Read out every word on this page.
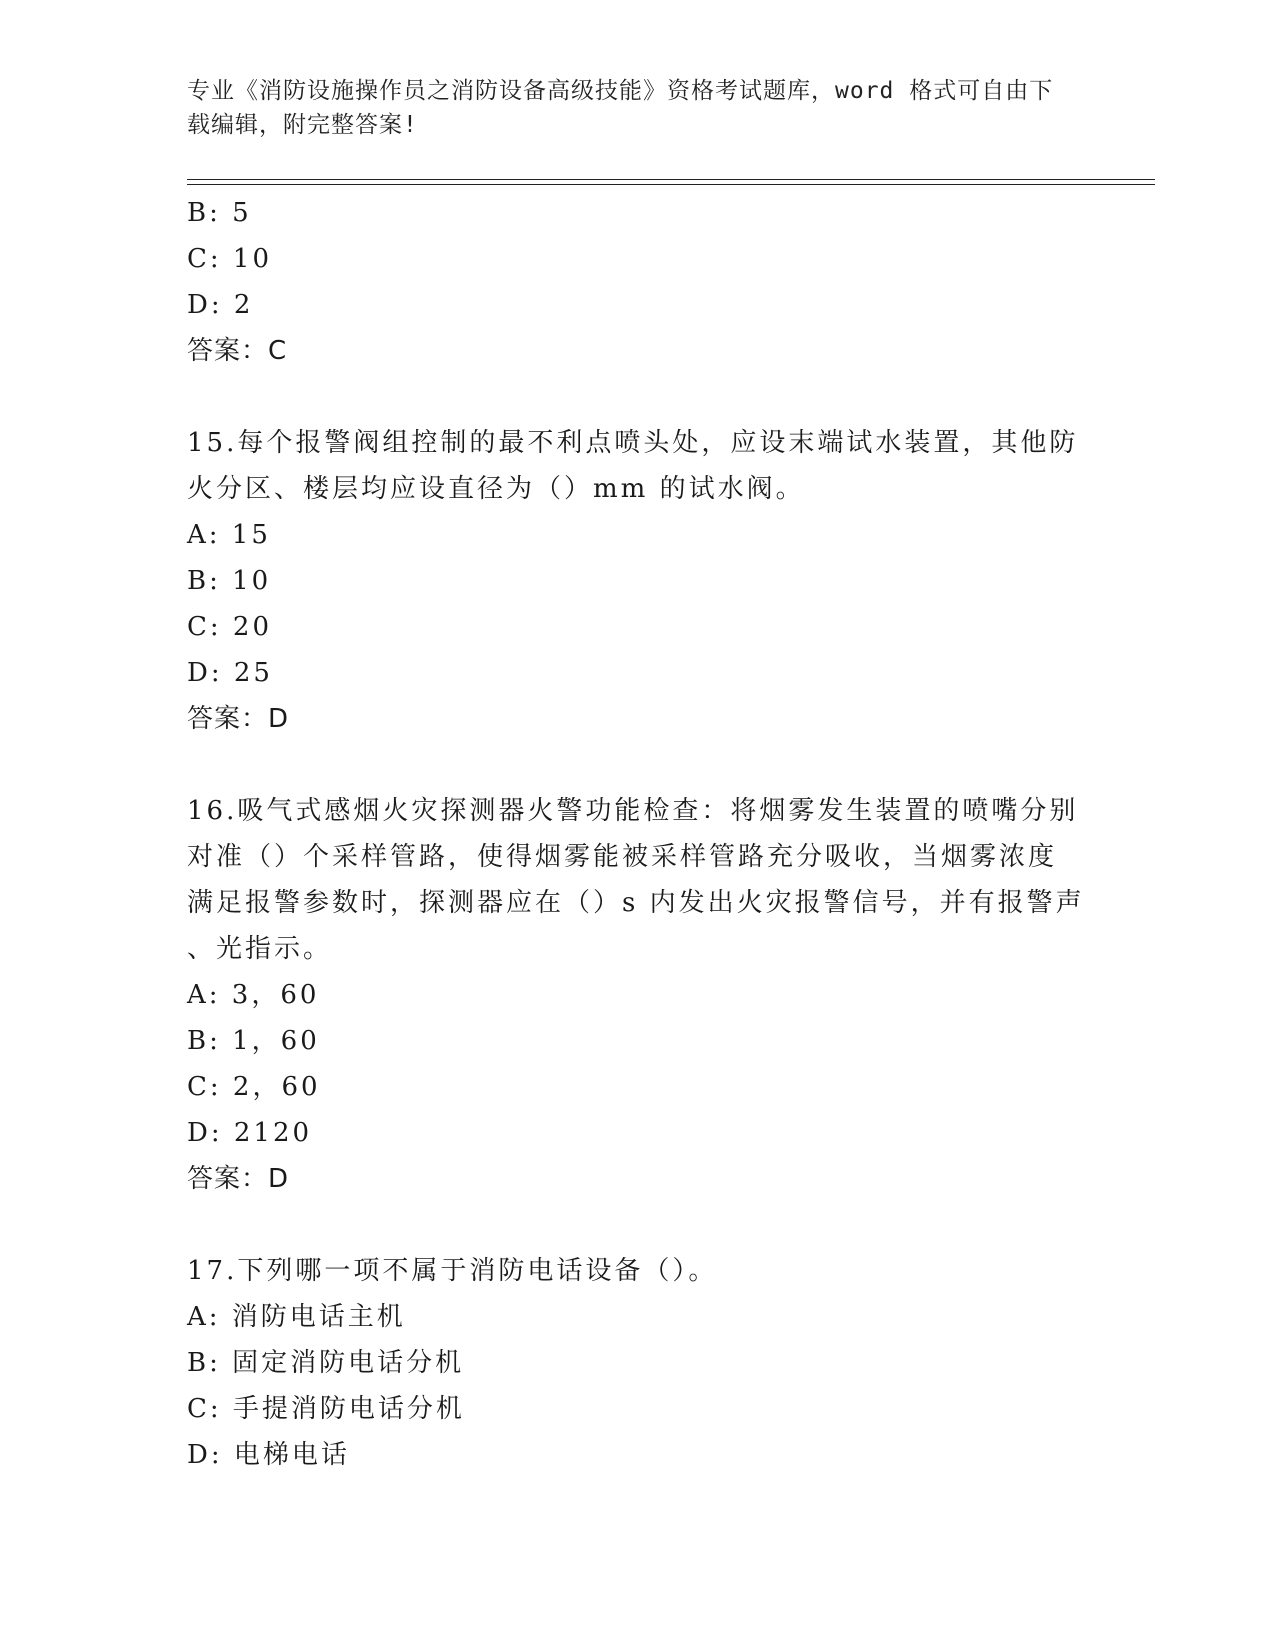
专业《消防设施操作员之消防设备高级技能》资格考试题库，word 格式可自由下
载编辑，附完整答案!
B: 5
C: 10
D: 2
答案：C
15.每个报警阀组控制的最不利点喷头处，应设末端试水装置，其他防
火分区、楼层均应设直径为（）mm 的试水阀。
A: 15
B: 10
C: 20
D: 25
答案：D
16.吸气式感烟火灾探测器火警功能检查：将烟雾发生装置的喷嘴分别
对准（）个采样管路，使得烟雾能被采样管路充分吸收，当烟雾浓度
满足报警参数时，探测器应在（）s 内发出火灾报警信号，并有报警声
、光指示。
A: 3，60
B: 1，60
C: 2，60
D: 2120
答案：D
17.下列哪一项不属于消防电话设备（）。
A: 消防电话主机
B: 固定消防电话分机
C: 手提消防电话分机
D: 电梯电话
